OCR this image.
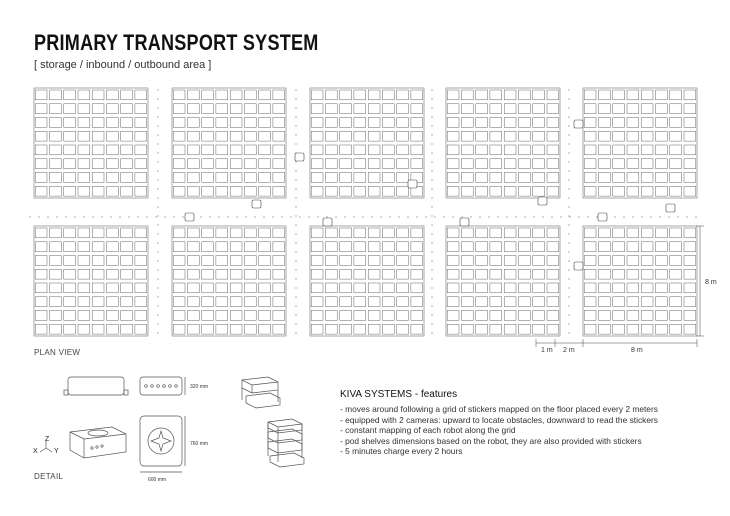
PRIMARY TRANSPORT SYSTEM
[ storage / inbound / outbound area ]
PLAN VIEW
8 m
1 m 2 m	8 m
320 mm
760 mm
600 mm
Z
X Y
DETAIL
KIVA SYSTEMS - features
- moves around following a grid of stickers mapped on the floor placed every 2 meters
- equipped with 2 cameras: upward to locate obstacles, downward to read the stickers
- constant mapping of each robot along the grid
- pod shelves dimensions based on the robot, they are also provided with stickers
- 5 minutes charge every 2 hours
